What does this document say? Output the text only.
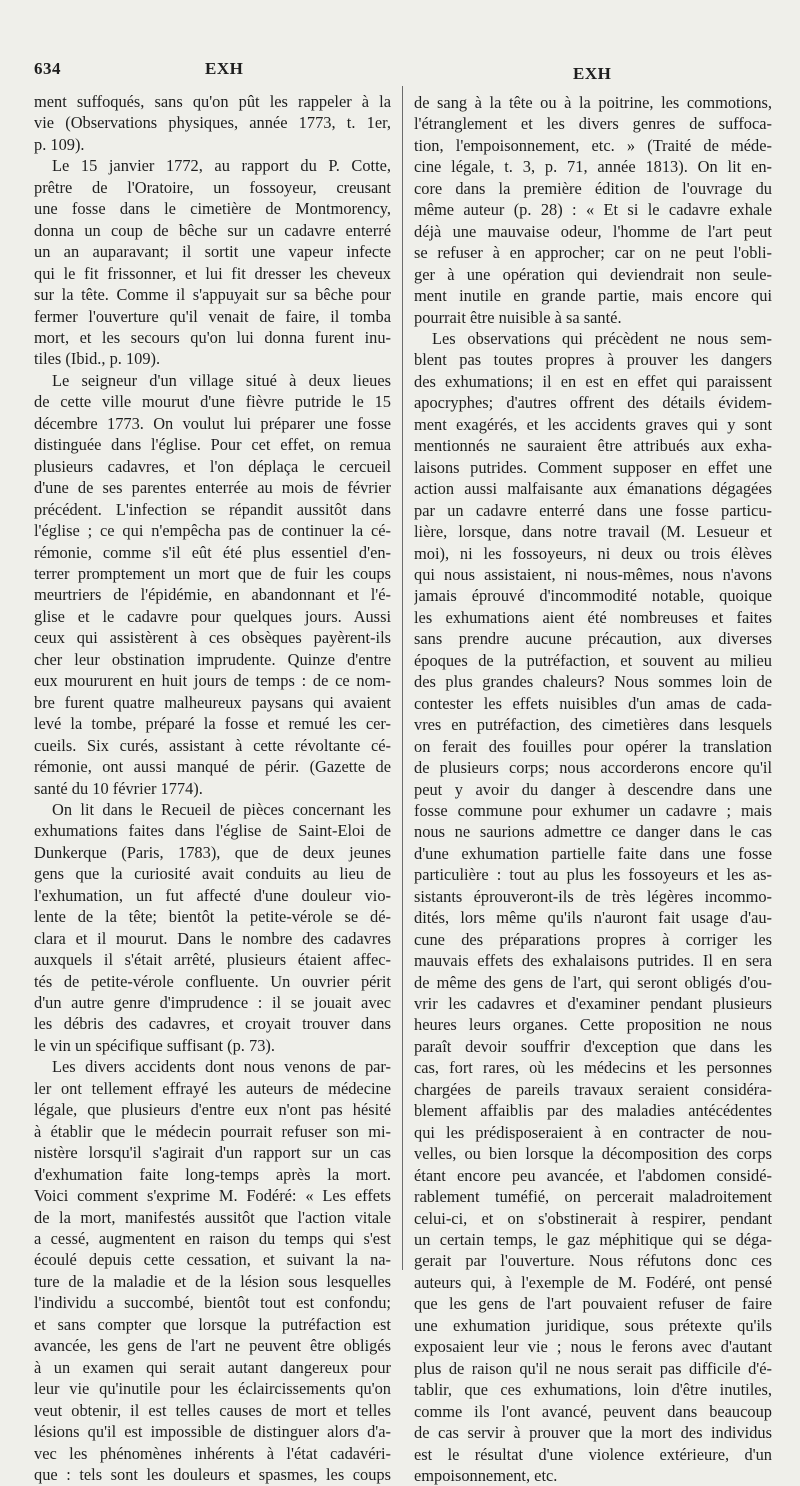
634	EXH	EXH
ment suffoqués, sans qu'on pût les rappeler à la
vie (Observations physiques, année 1773, t. 1er,
p. 109).
Le 15 janvier 1772, au rapport du P. Cotte,
prêtre de l'Oratoire, un fossoyeur, creusant
une fosse dans le cimetière de Montmorency,
donna un coup de bêche sur un cadavre enterré
un an auparavant; il sortit une vapeur infecte
qui le fit frissonner, et lui fit dresser les cheveux
sur la tête. Comme il s'appuyait sur sa bêche pour
fermer l'ouverture qu'il venait de faire, il tomba
mort, et les secours qu'on lui donna furent inu-
tiles (Ibid., p. 109).
Le seigneur d'un village situé à deux lieues
de cette ville mourut d'une fièvre putride le 15
décembre 1773. On voulut lui préparer une fosse
distinguée dans l'église. Pour cet effet, on remua
plusieurs cadavres, et l'on déplaça le cercueil
d'une de ses parentes enterrée au mois de février
précédent. L'infection se répandit aussitôt dans
l'église ; ce qui n'empêcha pas de continuer la cé-
rémonie, comme s'il eût été plus essentiel d'en-
terrer promptement un mort que de fuir les coups
meurtriers de l'épidémie, en abandonnant et l'é-
glise et le cadavre pour quelques jours. Aussi
ceux qui assistèrent à ces obsèques payèrent-ils
cher leur obstination imprudente. Quinze d'entre
eux moururent en huit jours de temps : de ce nom-
bre furent quatre malheureux paysans qui avaient
levé la tombe, préparé la fosse et remué les cer-
cueils. Six curés, assistant à cette révoltante cé-
rémonie, ont aussi manqué de périr. (Gazette de
santé du 10 février 1774).
On lit dans le Recueil de pièces concernant les
exhumations faites dans l'église de Saint-Eloi de
Dunkerque (Paris, 1783), que de deux jeunes
gens que la curiosité avait conduits au lieu de
l'exhumation, un fut affecté d'une douleur vio-
lente de la tête; bientôt la petite-vérole se dé-
clara et il mourut. Dans le nombre des cadavres
auxquels il s'était arrêté, plusieurs étaient affec-
tés de petite-vérole confluente. Un ouvrier périt
d'un autre genre d'imprudence : il se jouait avec
les débris des cadavres, et croyait trouver dans
le vin un spécifique suffisant (p. 73).
Les divers accidents dont nous venons de par-
ler ont tellement effrayé les auteurs de médecine
légale, que plusieurs d'entre eux n'ont pas hésité
à établir que le médecin pourrait refuser son mi-
nistère lorsqu'il s'agirait d'un rapport sur un cas
d'exhumation faite long-temps après la mort.
Voici comment s'exprime M. Fodéré: « Les effets
de la mort, manifestés aussitôt que l'action vitale
a cessé, augmentent en raison du temps qui s'est
écoulé depuis cette cessation, et suivant la na-
ture de la maladie et de la lésion sous lesquelles
l'individu a succombé, bientôt tout est confondu;
et sans compter que lorsque la putréfaction est
avancée, les gens de l'art ne peuvent être obligés
à un examen qui serait autant dangereux pour
leur vie qu'inutile pour les éclaircissements qu'on
veut obtenir, il est telles causes de mort et telles
lésions qu'il est impossible de distinguer alors d'a-
vec les phénomènes inhérents à l'état cadavéri-
que : tels sont les douleurs et spasmes, les coups
de sang à la tête ou à la poitrine, les commotions,
l'étranglement et les divers genres de suffoca-
tion, l'empoisonnement, etc. » (Traité de méde-
cine légale, t. 3, p. 71, année 1813). On lit en-
core dans la première édition de l'ouvrage du
même auteur (p. 28) : « Et si le cadavre exhale
déjà une mauvaise odeur, l'homme de l'art peut
se refuser à en approcher; car on ne peut l'obli-
ger à une opération qui deviendrait non seule-
ment inutile en grande partie, mais encore qui
pourrait être nuisible à sa santé.
Les observations qui précèdent ne nous sem-
blent pas toutes propres à prouver les dangers
des exhumations; il en est en effet qui paraissent
apocryphes; d'autres offrent des détails évidem-
ment exagérés, et les accidents graves qui y sont
mentionnés ne sauraient être attribués aux exha-
laisons putrides. Comment supposer en effet une
action aussi malfaisante aux émanations dégagées
par un cadavre enterré dans une fosse particu-
lière, lorsque, dans notre travail (M. Lesueur et
moi), ni les fossoyeurs, ni deux ou trois élèves
qui nous assistaient, ni nous-mêmes, nous n'avons
jamais éprouvé d'incommodité notable, quoique
les exhumations aient été nombreuses et faites
sans prendre aucune précaution, aux diverses
époques de la putréfaction, et souvent au milieu
des plus grandes chaleurs? Nous sommes loin de
contester les effets nuisibles d'un amas de cada-
vres en putréfaction, des cimetières dans lesquels
on ferait des fouilles pour opérer la translation
de plusieurs corps; nous accorderons encore qu'il
peut y avoir du danger à descendre dans une
fosse commune pour exhumer un cadavre ; mais
nous ne saurions admettre ce danger dans le cas
d'une exhumation partielle faite dans une fosse
particulière : tout au plus les fossoyeurs et les as-
sistants éprouveront-ils de très légères incommo-
dités, lors même qu'ils n'auront fait usage d'au-
cune des préparations propres à corriger les
mauvais effets des exhalaisons putrides. Il en sera
de même des gens de l'art, qui seront obligés d'ou-
vrir les cadavres et d'examiner pendant plusieurs
heures leurs organes. Cette proposition ne nous
paraît devoir souffrir d'exception que dans les
cas, fort rares, où les médecins et les personnes
chargées de pareils travaux seraient considéra-
blement affaiblis par des maladies antécédentes
qui les prédisposeraient à en contracter de nou-
velles, ou bien lorsque la décomposition des corps
étant encore peu avancée, et l'abdomen considé-
rablement tuméfié, on percerait maladroitement
celui-ci, et on s'obstinerait à respirer, pendant
un certain temps, le gaz méphitique qui se déga-
gerait par l'ouverture. Nous réfutons donc ces
auteurs qui, à l'exemple de M. Fodéré, ont pensé
que les gens de l'art pouvaient refuser de faire
une exhumation juridique, sous prétexte qu'ils
exposaient leur vie ; nous le ferons avec d'autant
plus de raison qu'il ne nous serait pas difficile d'é-
tablir, que ces exhumations, loin d'être inutiles,
comme ils l'ont avancé, peuvent dans beaucoup
de cas servir à prouver que la mort des individus
est le résultat d'une violence extérieure, d'un
empoisonnement, etc.
